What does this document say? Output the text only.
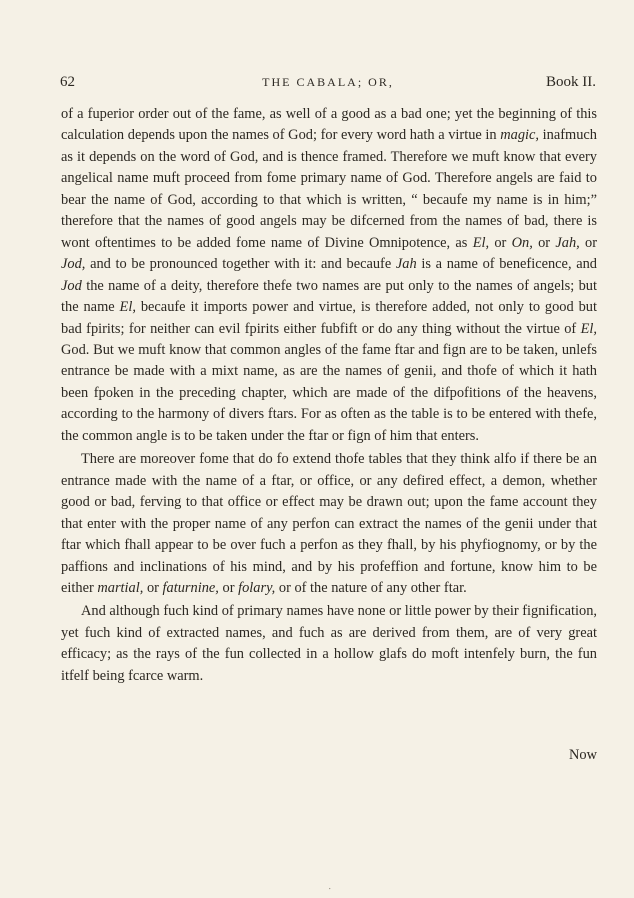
62	THE CABALA; OR,	Book II.

of a fuperior order out of the fame, as well of a good as a bad one; yet the beginning of this calculation depends upon the names of God; for every word hath a virtue in magic, inafmuch as it depends on the word of God, and is thence framed. Therefore we muft know that every angelical name muft proceed from fome primary name of God. Therefore angels are faid to bear the name of God, according to that which is written, “ becaufe my name is in him;” therefore that the names of good angels may be difcerned from the names of bad, there is wont oftentimes to be added fome name of Divine Omnipotence, as El, or On, or Jah, or Jod, and to be pronounced together with it: and becaufe Jah is a name of beneficence, and Jod the name of a deity, therefore thefe two names are put only to the names of angels; but the name El, becaufe it imports power and virtue, is therefore added, not only to good but bad fpirits; for neither can evil fpirits either fubfift or do any thing without the virtue of El, God. But we muft know that common angles of the fame ftar and fign are to be taken, unlefs entrance be made with a mixt name, as are the names of genii, and thofe of which it hath been fpoken in the preceding chapter, which are made of the difpofitions of the heavens, according to the harmony of divers ftars. For as often as the table is to be entered with thefe, the common angle is to be taken under the ftar or fign of him that enters.

There are moreover fome that do fo extend thofe tables that they think alfo if there be an entrance made with the name of a ftar, or office, or any defired effect, a demon, whether good or bad, ferving to that office or effect may be drawn out; upon the fame account they that enter with the proper name of any perfon can extract the names of the genii under that ftar which fhall appear to be over fuch a perfon as they fhall, by his phyfiognomy, or by the paffions and inclinations of his mind, and by his profeffion and fortune, know him to be either martial, or faturnine, or folary, or of the nature of any other ftar.

And although fuch kind of primary names have none or little power by their fignification, yet fuch kind of extracted names, and fuch as are derived from them, are of very great efficacy; as the rays of the fun collected in a hollow glafs do moft intenfely burn, the fun itfelf being fcarce warm.

Now
⋅
